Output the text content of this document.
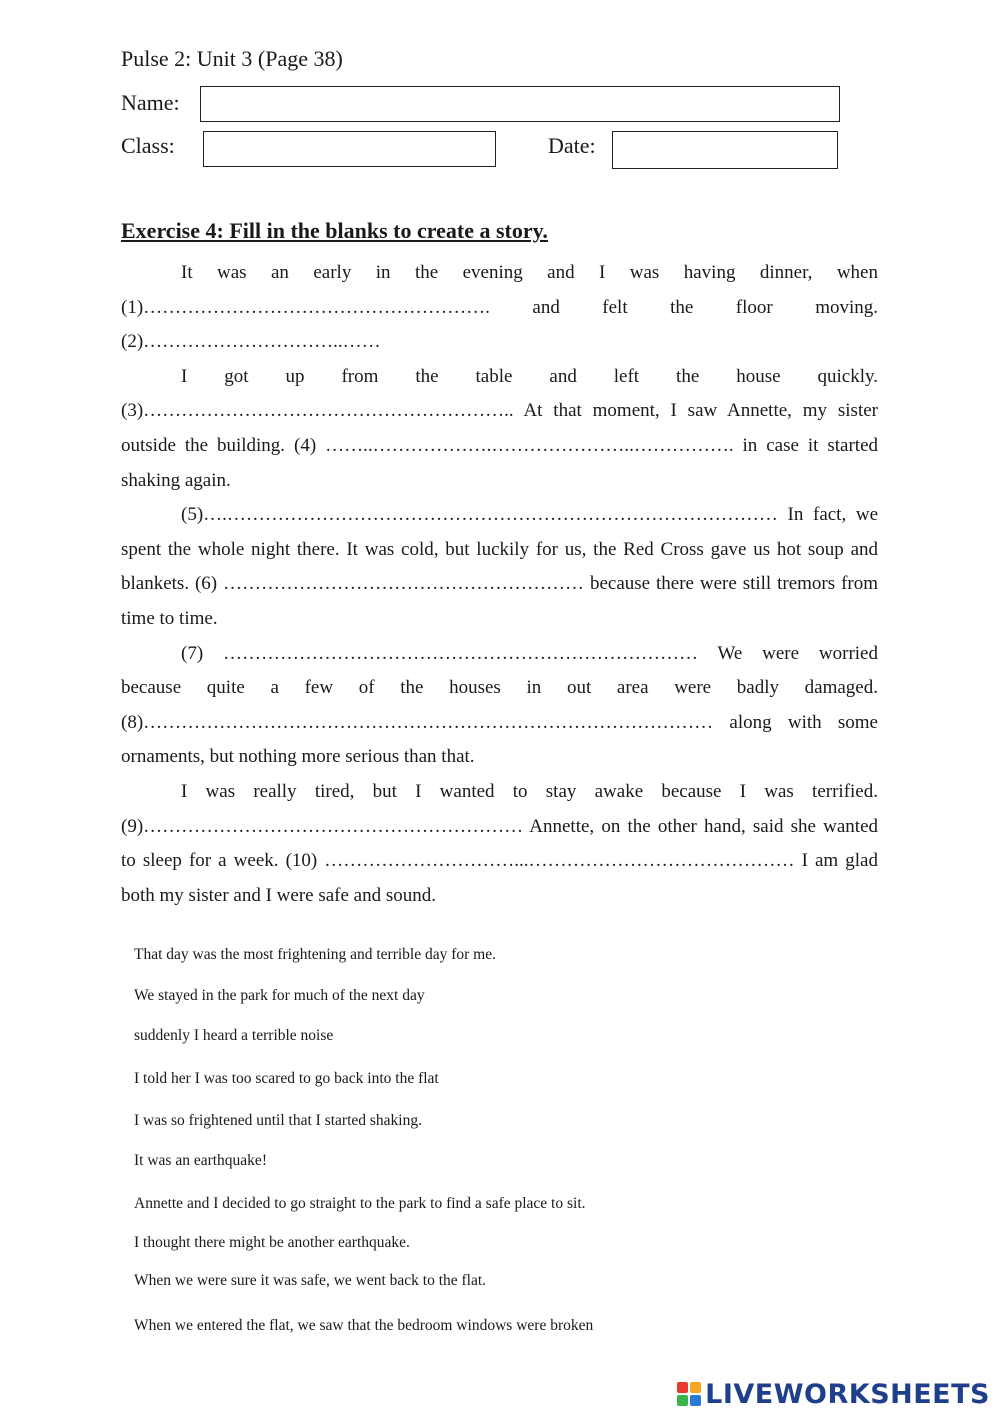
Pulse 2: Unit 3 (Page 38)
Name:
Class:	Date:
Exercise 4: Fill in the blanks to create a story.

It was an early in the evening and I was having dinner, when (1)………………………………………………. and felt the floor moving. (2)…………………………..……

I got up from the table and left the house quickly. (3)………………………………………………….. At that moment, I saw Annette, my sister outside the building. (4) ……..……………….…………………..……………. in case it started shaking again.

(5)….…………………………………………………………………………… In fact, we spent the whole night there. It was cold, but luckily for us, the Red Cross gave us hot soup and blankets. (6) ………………………………………………… because there were still tremors from time to time.

(7) ………………………………………………………………… We were worried because quite a few of the houses in out area were badly damaged. (8)……………………………………………………………………………… along with some ornaments, but nothing more serious than that.

I was really tired, but I wanted to stay awake because I was terrified. (9)…………………………………………………… Annette, on the other hand, said she wanted to sleep for a week. (10) …………………………...…………………………………… I am glad both my sister and I were safe and sound.

That day was the most frightening and terrible day for me.
We stayed in the park for much of the next day
suddenly I heard a terrible noise
I told her I was too scared to go back into the flat
I was so frightened until that I started shaking.
It was an earthquake!
Annette and I decided to go straight to the park to find a safe place to sit.
I thought there might be another earthquake.
When we were sure it was safe, we went back to the flat.
When we entered the flat, we saw that the bedroom windows were broken
LIVEWORKSHEETS
